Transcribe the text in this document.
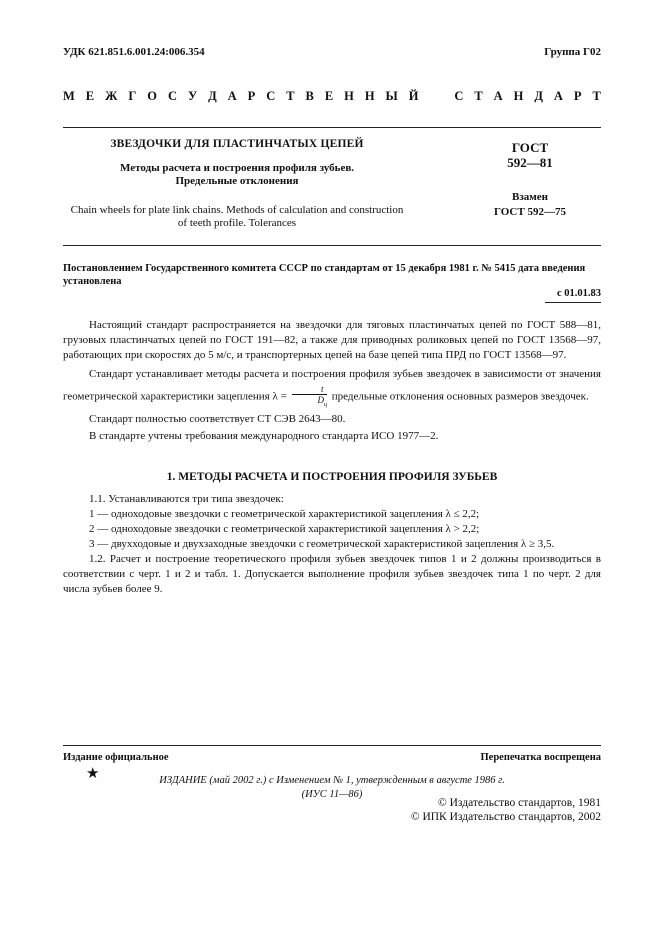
УДК 621.851.6.001.24:006.354	Группа Г02
М Е Ж Г О С У Д А Р С Т В Е Н Н Ы Й	С Т А Н Д А Р Т
ЗВЕЗДОЧКИ ДЛЯ ПЛАСТИНЧАТЫХ ЦЕПЕЙ
Методы расчета и построения профиля зубьев.
Предельные отклонения
Chain wheels for plate link chains. Methods of calculation and construction
of teeth profile. Tolerances
ГОСТ
592—81
Взамен
ГОСТ 592—75
Постановлением Государственного комитета СССР по стандартам от 15 декабря 1981 г. № 5415 дата введения установлена
с 01.01.83

Настоящий стандарт распространяется на звездочки для тяговых пластинчатых цепей по ГОСТ 588—81, грузовых пластинчатых цепей по ГОСТ 191—82, а также для приводных роликовых цепей по ГОСТ 13568—97, работающих при скоростях до 5 м/с, и транспортерных цепей на базе цепей типа ПРД по ГОСТ 13568—97.

Стандарт устанавливает методы расчета и построения профиля зубьев звездочек в зависимости от значения геометрической характеристики зацепления $\lambda = \frac{t}{D_ц}$ предельные отклонения основных размеров звездочек.

Стандарт полностью соответствует СТ СЭВ 2643—80.

В стандарте учтены требования международного стандарта ИСО 1977—2.

1. МЕТОДЫ РАСЧЕТА И ПОСТРОЕНИЯ ПРОФИЛЯ ЗУБЬЕВ

1.1. Устанавливаются три типа звездочек:

1 — одноходовые звездочки с геометрической характеристикой зацепления λ ≤ 2,2;

2 — одноходовые звездочки с геометрической характеристикой зацепления λ > 2,2;

3 — двухходовые и двухзаходные звездочки с геометрической характеристикой зацепления λ ≥ 3,5.

1.2. Расчет и построение теоретического профиля зубьев звездочек типов 1 и 2 должны производиться в соответствии с черт. 1 и 2 и табл. 1. Допускается выполнение профиля зубьев звездочек типа 1 по черт. 2 для числа зубьев более 9.

Издание официальное	Перепечатка воспрещена
★	ИЗДАНИЕ (май 2002 г.) с Изменением № 1, утвержденным в августе 1986 г.
(ИУС 11—86)
© Издательство стандартов, 1981
© ИПК Издательство стандартов, 2002
